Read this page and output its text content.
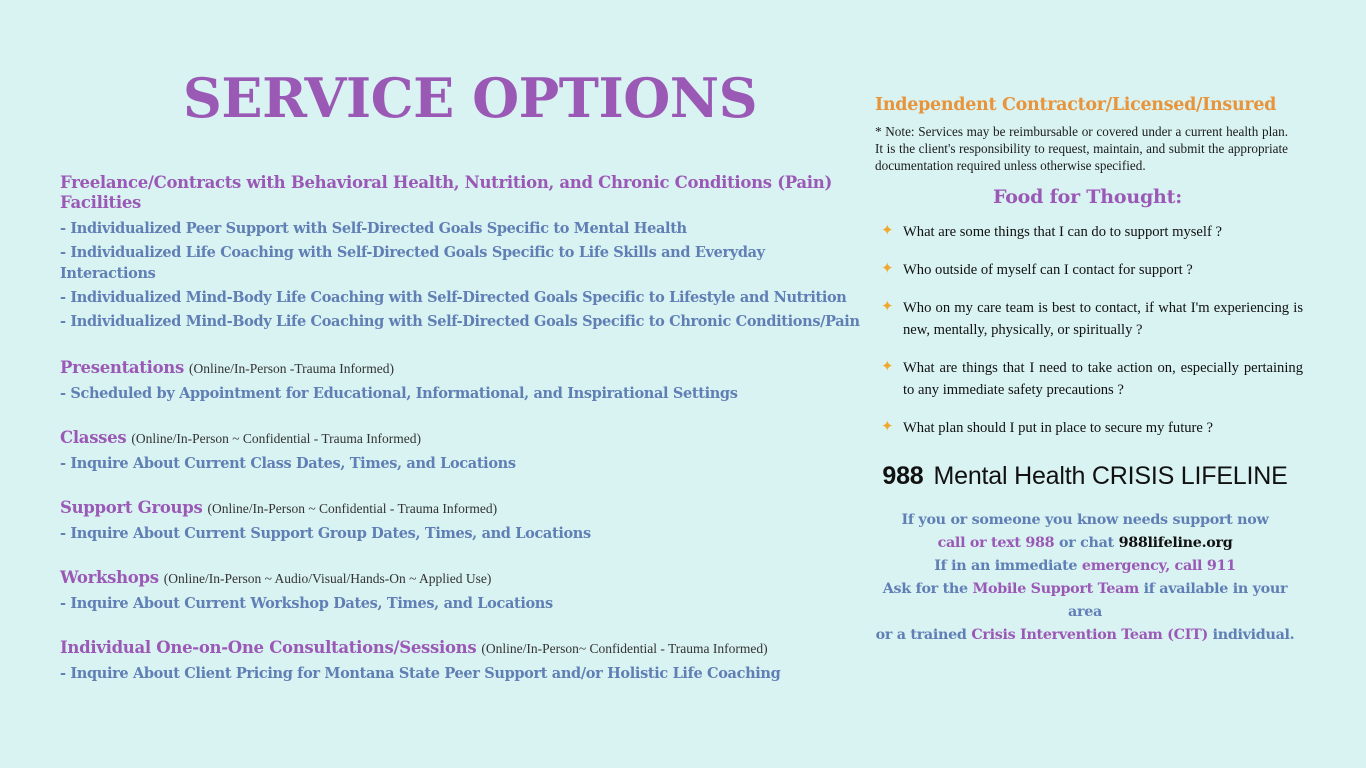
SERVICE OPTIONS
Freelance/Contracts with Behavioral Health, Nutrition, and Chronic Conditions (Pain) Facilities
- Individualized Peer Support with Self-Directed Goals Specific to Mental Health
- Individualized Life Coaching with Self-Directed Goals Specific to Life Skills and Everyday Interactions
- Individualized Mind-Body Life Coaching with Self-Directed Goals Specific to Lifestyle and Nutrition
- Individualized Mind-Body Life Coaching with Self-Directed Goals Specific to Chronic Conditions/Pain
Presentations (Online/In-Person -Trauma Informed)
- Scheduled by Appointment for Educational, Informational, and Inspirational Settings
Classes (Online/In-Person ~ Confidential - Trauma Informed)
- Inquire About Current Class Dates, Times, and Locations
Support Groups (Online/In-Person ~ Confidential - Trauma Informed)
- Inquire About Current Support Group Dates, Times, and Locations
Workshops (Online/In-Person ~ Audio/Visual/Hands-On ~ Applied Use)
- Inquire About Current Workshop Dates, Times, and Locations
Individual One-on-One Consultations/Sessions (Online/In-Person~ Confidential - Trauma Informed)
- Inquire About Client Pricing for Montana State Peer Support and/or Holistic Life Coaching
Independent Contractor/Licensed/Insured

* Note: Services may be reimbursable or covered under a current health plan. It is the client's responsibility to request, maintain, and submit the appropriate documentation required unless otherwise specified.

Food for Thought:
✦ What are some things that I can do to support myself ?
✦ Who outside of myself can I contact for support ?
✦ Who on my care team is best to contact, if what I'm experiencing is new, mentally, physically, or spiritually ?
✦ What are things that I need to take action on, especially pertaining to any immediate safety precautions ?
✦ What plan should I put in place to secure my future ?
988 Mental Health CRISIS LIFELINE
If you or someone you know needs support now
call or text 988 or chat 988lifeline.org
If in an immediate emergency, call 911
Ask for the Mobile Support Team if available in your area
or a trained Crisis Intervention Team (CIT) individual.
